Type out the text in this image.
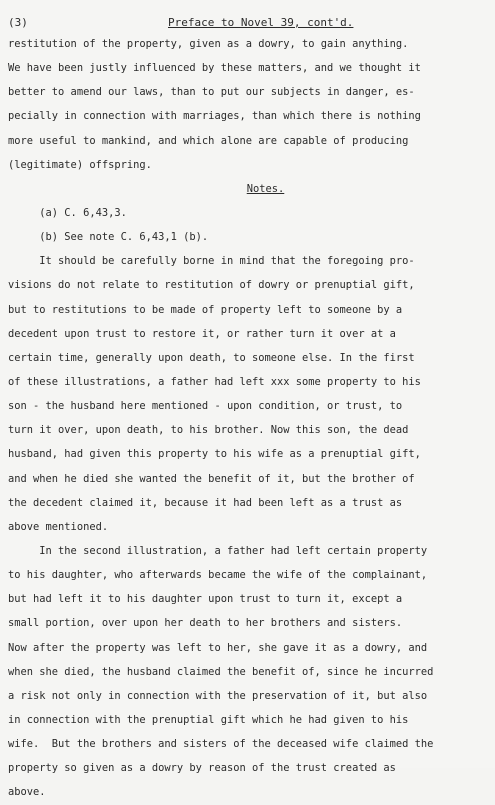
(3)	Preface to Novel 39, cont'd.
restitution of the property, given as a dowry, to gain anything.
We have been justly influenced by these matters, and we thought it
better to amend our laws, than to put our subjects in danger, es-
pecially in connection with marriages, than which there is nothing
more useful to mankind, and which alone are capable of producing
(legitimate) offspring.
Notes.
(a) C. 6,43,3.
(b) See note C. 6,43,1 (b).
It should be carefully borne in mind that the foregoing pro-
visions do not relate to restitution of dowry or prenuptial gift,
but to restitutions to be made of property left to someone by a
decedent upon trust to restore it, or rather turn it over at a
certain time, generally upon death, to someone else. In the first
of these illustrations, a father had left xxx some property to his
son - the husband here mentioned - upon condition, or trust, to
turn it over, upon death, to his brother. Now this son, the dead
husband, had given this property to his wife as a prenuptial gift,
and when he died she wanted the benefit of it, but the brother of
the decedent claimed it, because it had been left as a trust as
above mentioned.
In the second illustration, a father had left certain property
to his daughter, who afterwards became the wife of the complainant,
but had left it to his daughter upon trust to turn it, except a
small portion, over upon her death to her brothers and sisters.
Now after the property was left to her, she gave it as a dowry, and
when she died, the husband claimed the benefit of, since he incurred
a risk not only in connection with the preservation of it, but also
in connection with the prenuptial gift which he had given to his
wife.  But the brothers and sisters of the deceased wife claimed the
property so given as a dowry by reason of the trust created as
above.
